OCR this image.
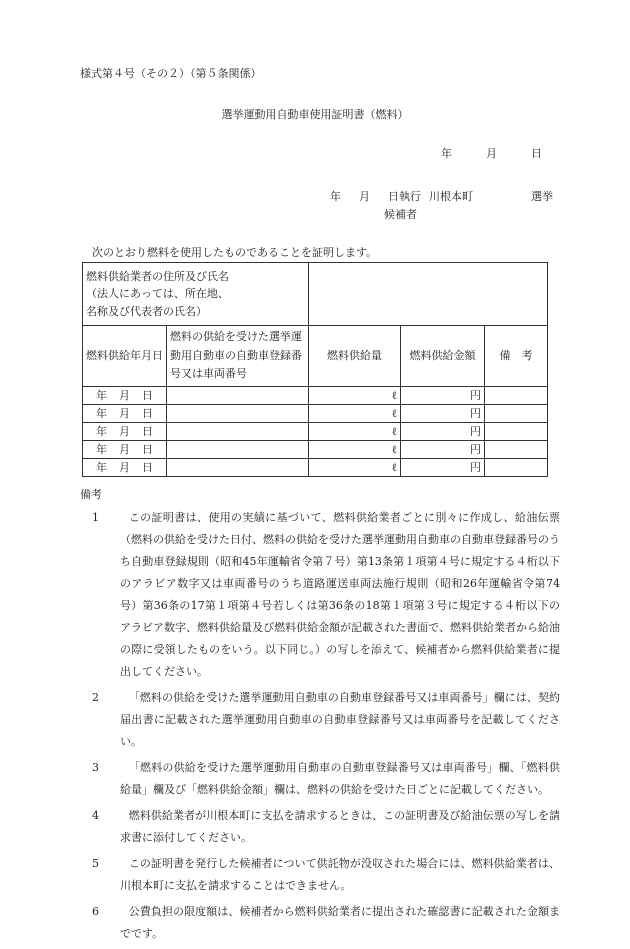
様式第４号（その２）（第５条関係）
選挙運動用自動車使用証明書（燃料）
年	月	日
年 月 日執行 川根本町	選挙
候補者
次のとおり燃料を使用したものであることを証明します。
燃料供給業者の住所及び氏名
（法人にあっては、所在地、
名称及び代表者の氏名）				

燃料供給年月日	燃料の供給を受けた選挙運
動用自動車の自動車登録番
号又は車両番号	燃料供給量	燃料供給金額	備　考
年 月 日		ℓ	円	
年 月 日		ℓ	円	
年 月 日		ℓ	円	
年 月 日		ℓ	円	
年 月 日		ℓ	円	
備考
1	この証明書は、使用の実績に基づいて、燃料供給業者ごとに別々に作成し、給油伝票（燃料の供給を受けた日付、燃料の供給を受けた選挙運動用自動車の自動車登録番号のうち自動車登録規則（昭和45年運輸省令第７号）第13条第１項第４号に規定する４桁以下のアラビア数字又は車両番号のうち道路運送車両法施行規則（昭和26年運輸省令第74号）第36条の17第１項第４号若しくは第36条の18第１項第３号に規定する４桁以下のアラビア数字、燃料供給量及び燃料供給金額が記載された書面で、燃料供給業者から給油の際に受領したものをいう。以下同じ。）の写しを添えて、候補者から燃料供給業者に提出してください。
2	「燃料の供給を受けた選挙運動用自動車の自動車登録番号又は車両番号」欄には、契約届出書に記載された選挙運動用自動車の自動車登録番号又は車両番号を記載してください。
3	「燃料の供給を受けた選挙運動用自動車の自動車登録番号又は車両番号」欄、「燃料供給量」欄及び「燃料供給金額」欄は、燃料の供給を受けた日ごとに記載してください。
4	燃料供給業者が川根本町に支払を請求するときは、この証明書及び給油伝票の写しを請求書に添付してください。
5	この証明書を発行した候補者について供託物が没収された場合には、燃料供給業者は、川根本町に支払を請求することはできません。
6	公費負担の限度額は、候補者から燃料供給業者に提出された確認書に記載された金額までです。
